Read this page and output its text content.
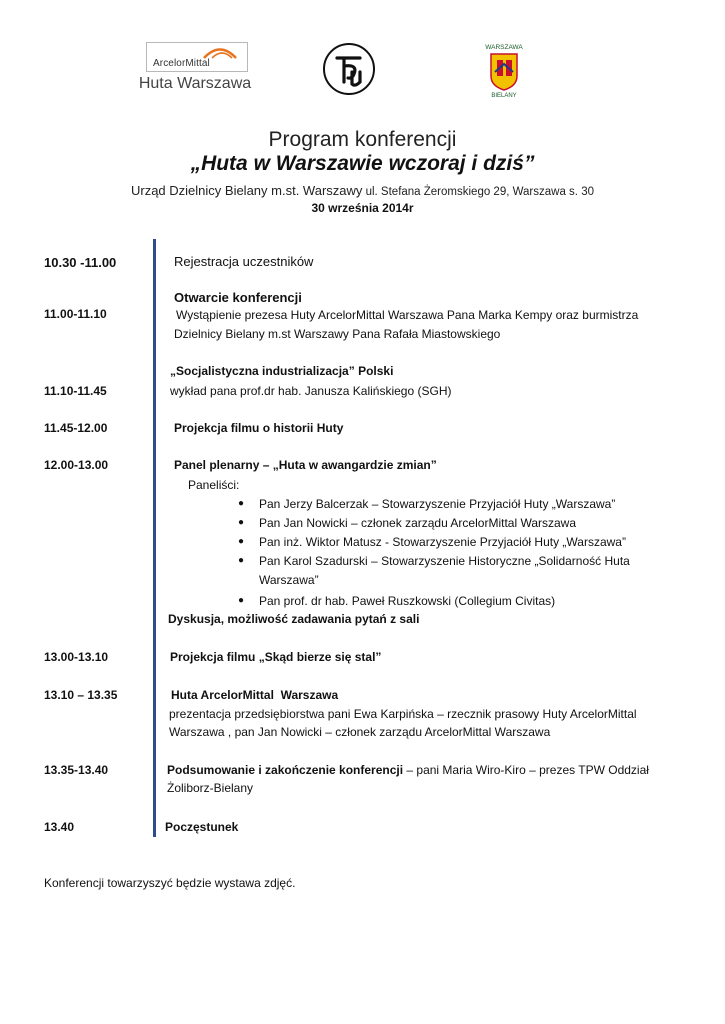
ArcelorMittal
Huta Warszawa
WARSZAWA
BIELANY
Program konferencji
„Huta w Warszawie wczoraj i dziś”
Urząd Dzielnicy Bielany m.st. Warszawy ul. Stefana Żeromskiego 29, Warszawa s. 30
30 września 2014r
10.30 -11.00	Rejestracja uczestników
Otwarcie konferencji
11.00-11.10	Wystąpienie prezesa Huty ArcelorMittal Warszawa Pana Marka Kempy oraz burmistrza
Dzielnicy Bielany m.st Warszawy Pana Rafała Miastowskiego
„Socjalistyczna industrializacja” Polski
11.10-11.45	wykład pana prof.dr hab. Janusza Kalińskiego (SGH)
11.45-12.00	Projekcja filmu o historii Huty
12.00-13.00	Panel plenarny – „Huta w awangardzie zmian”
Paneliści:
● Pan Jerzy Balcerzak – Stowarzyszenie Przyjaciół Huty „Warszawa”
● Pan Jan Nowicki – członek zarządu ArcelorMittal Warszawa
● Pan inż. Wiktor Matusz - Stowarzyszenie Przyjaciół Huty „Warszawa”
● Pan Karol Szadurski – Stowarzyszenie Historyczne „Solidarność Huta
Warszawa”
● Pan prof. dr hab. Paweł Ruszkowski (Collegium Civitas)
Dyskusja, możliwość zadawania pytań z sali
13.00-13.10	Projekcja filmu „Skąd bierze się stal”
13.10 – 13.35	Huta ArcelorMittal  Warszawa
prezentacja przedsiębiorstwa pani Ewa Karpińska – rzecznik prasowy Huty ArcelorMittal
Warszawa , pan Jan Nowicki – członek zarządu ArcelorMittal Warszawa
13.35-13.40	Podsumowanie i zakończenie konferencji – pani Maria Wiro-Kiro – prezes TPW Oddział
Żoliborz-Bielany
13.40	Poczęstunek
Konferencji towarzyszyć będzie wystawa zdjęć.
